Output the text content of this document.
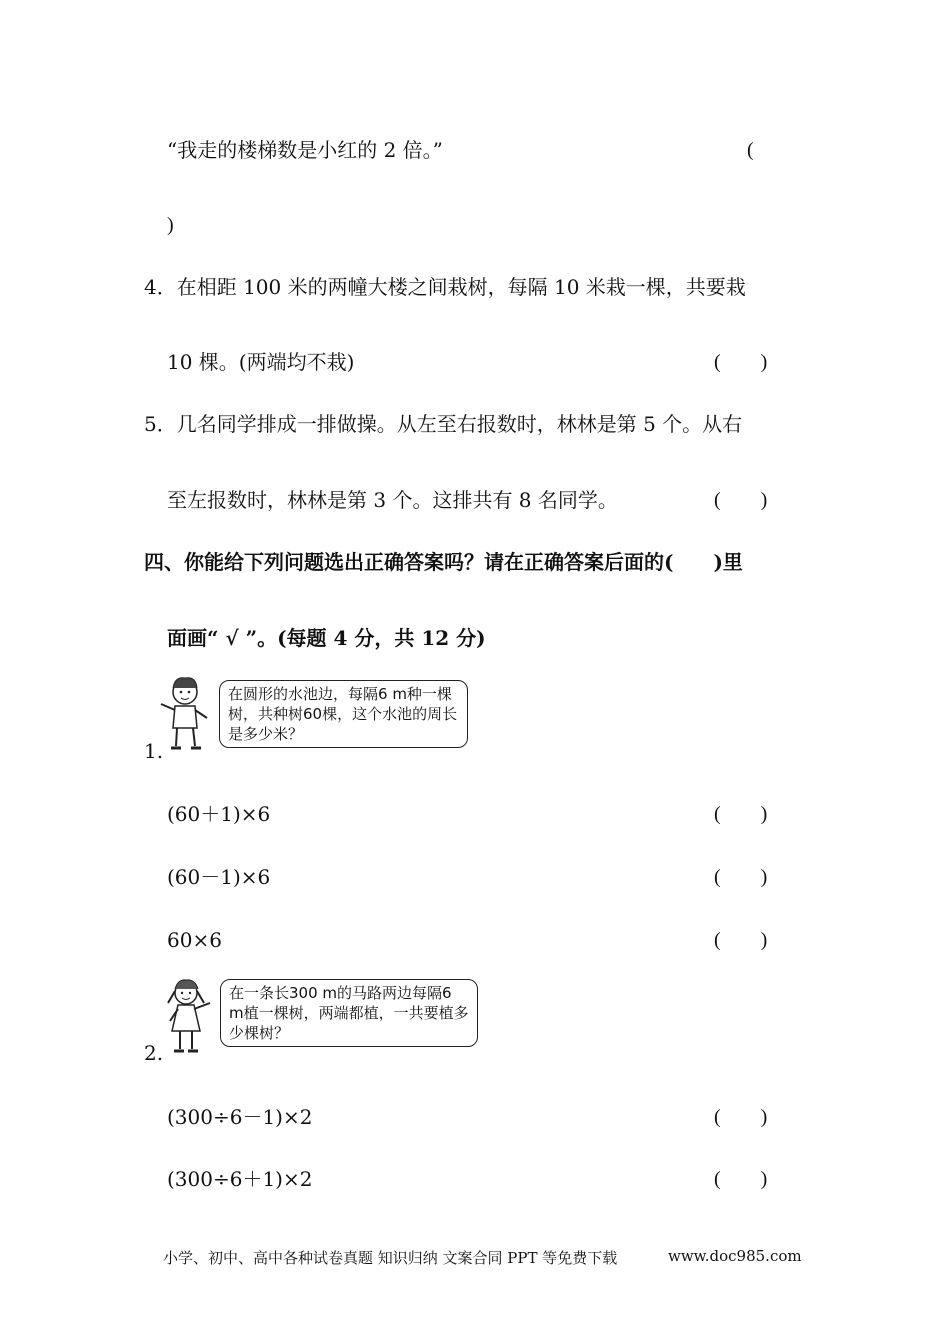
“我走的楼梯数是小红的 2 倍。”	(
)
4．在相距 100 米的两幢大楼之间栽树，每隔 10 米栽一棵，共要栽
10 棵。(两端均不栽)	(　　)
5．几名同学排成一排做操。从左至右报数时，林林是第 5 个。从右
至左报数时，林林是第 3 个。这排共有 8 名同学。	(　　)
四、你能给下列问题选出正确答案吗？请在正确答案后面的(　　)里
面画“ √ ”。(每题 4 分，共 12 分)
在圆形的水池边，每隔6 m种一棵树，共种树60棵，这个水池的周长是多少米？
1.
(60＋1)×6	(　　)
(60－1)×6	(　　)
60×6	(　　)
在一条长300 m的马路两边每隔6 m植一棵树，两端都植，一共要植多少棵树？
2.
(300÷6－1)×2	(　　)
(300÷6＋1)×2	(　　)
小学、初中、高中各种试卷真题 知识归纳 文案合同 PPT 等免费下载	www.doc985.com
